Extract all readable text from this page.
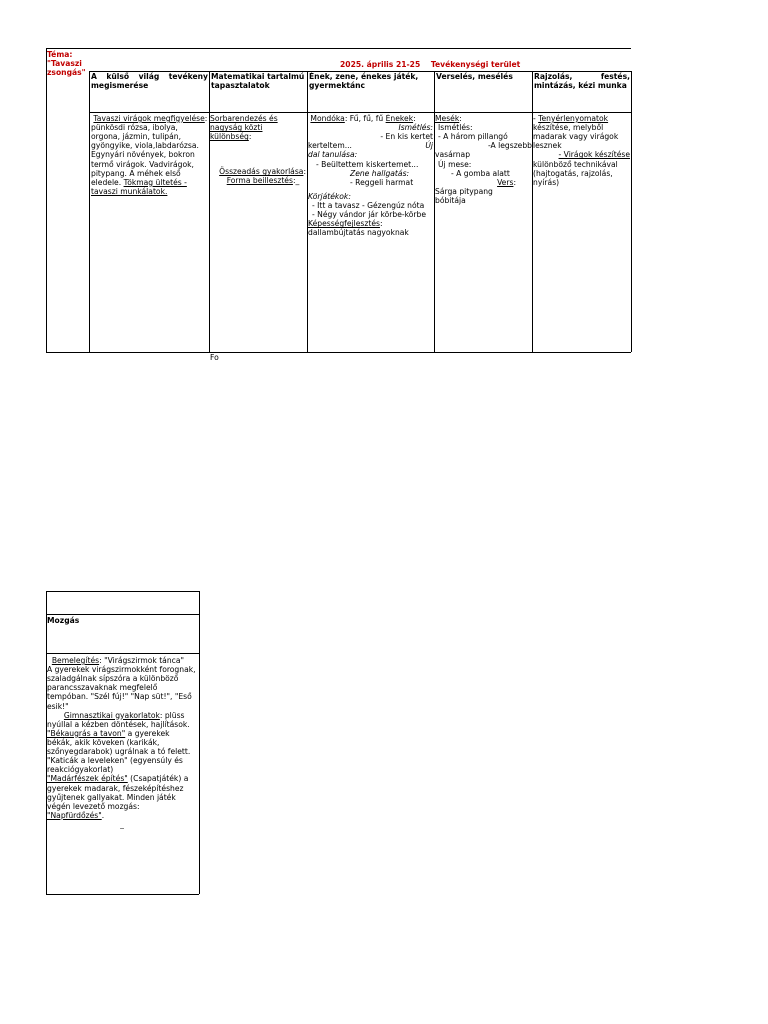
Téma:

"Tavaszi zsongás"

2025. április 21-25 Tevékenységi terület
A külső világ tevékeny megismerése
Matematikai tartalmú tapasztalatok
Ének, zene, énekes játék, gyermektánc
Verselés, mesélés	Rajzolás, festés, mintázás, kézi munka

Tavaszi virágok megfigyelése: pünkösdi rózsa, ibolya, orgona, jázmin, tulipán, gyöngyike, viola,labdarózsa. Egynyári növények, bokron termő virágok. Vadvirágok, pitypang. A méhek első eledele. Tökmag ültetés - tavaszi munkálatok.

Sorbarendezés és nagyság közti különbség:

Összeadás gyakorlása:

Forma beillesztés:_

Mondóka: Fű, fű, fű Énekek:

Ismétlés:

- En kis kertet

kerteltem...	Új

dal tanulása:

- Beültettem kiskertemet...

Zene hallgatás:

- Reggeli harmat

Körjátékok:

- Itt a tavasz - Gézengúz nóta

- Négy vándor jár körbe-körbe

Képességfejlesztés:

dallambújtatás nagyoknak

Mesék:

Ismétlés:

- A három pillangó

-A legszebb

vasárnap

Új mese:

- A gomba alatt

Vers:

Sárga pitypang

bóbitája

- Tenyérlenyomatok készítése, melyből madarak vagy virágok lesznek

- Virágok készítése

különböző technikával (hajtogatás, rajzolás, nyírás)

Fo
Mozgás

Bemelegítés: "Virágszirmok tánca"

A gyerekek virágszirmokként forognak, szaladgálnak sípszóra a különböző parancsszavaknak megfelelő tempóban. "Szél fúj!" "Nap süt!", "Eső esik!"

Gimnasztikai gyakorlatok: plüss nyúllal a kézben döntések, hajlítások.

"Békaugrás a tavon" a gyerekek békák, akik köveken (karikák, szőnyegdarabok) ugrálnak a tó felett. "Katicák a leveleken" (egyensúly és reakciógyakorlat)

"Madárfészek építés" (Csapatjáték) a gyerekek madarak, fészeképítéshez gyűjtenek gallyakat. Minden játék végén levezető mozgás: "Napfürdőzés".

_
